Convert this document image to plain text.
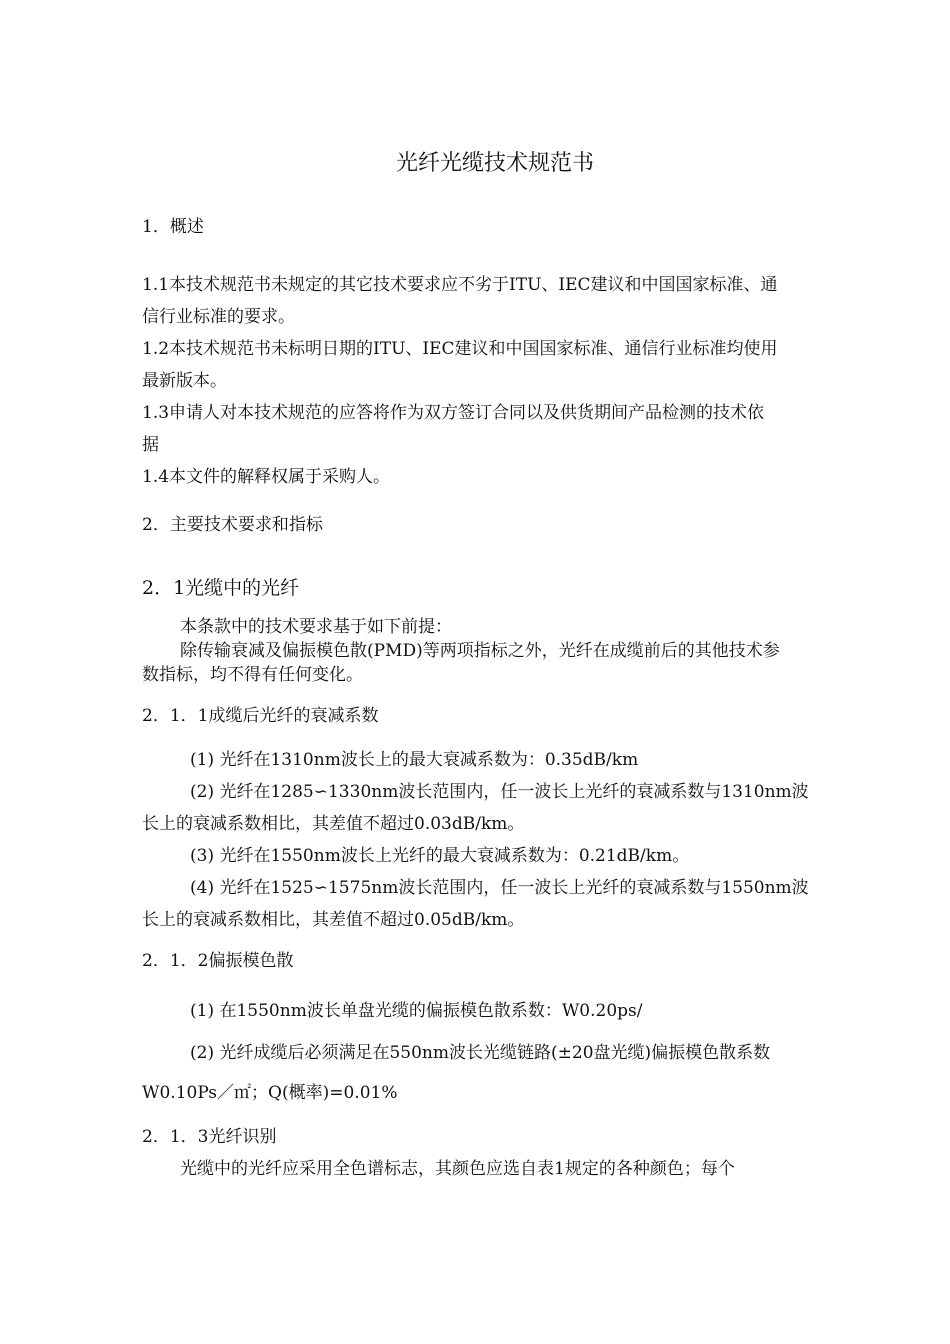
光纤光缆技术规范书
1．概述
1.1本技术规范书未规定的其它技术要求应不劣于ITU、IEC建议和中国国家标准、通
信行业标准的要求。
1.2本技术规范书未标明日期的ITU、IEC建议和中国国家标准、通信行业标准均使用
最新版本。
1.3申请人对本技术规范的应答将作为双方签订合同以及供货期间产品检测的技术依
据
1.4本文件的解释权属于采购人。
2．主要技术要求和指标
2．1光缆中的光纤
本条款中的技术要求基于如下前提：
除传输衰减及偏振模色散(PMD)等两项指标之外，光纤在成缆前后的其他技术参
数指标，均不得有任何变化。
2．1．1成缆后光纤的衰减系数
(1) 光纤在1310nm波长上的最大衰减系数为：0.35dB/km
(2) 光纤在1285∽1330nm波长范围内，任一波长上光纤的衰减系数与1310nm波
长上的衰减系数相比，其差值不超过0.03dB/km。
(3) 光纤在1550nm波长上光纤的最大衰减系数为：0.21dB/km。
(4) 光纤在1525∽1575nm波长范围内，任一波长上光纤的衰减系数与1550nm波
长上的衰减系数相比，其差值不超过0.05dB/km。
2．1．2偏振模色散
(1) 在1550nm波长单盘光缆的偏振模色散系数：W0.20ps/
(2) 光纤成缆后必须满足在550nm波长光缆链路(±20盘光缆)偏振模色散系数
W0.10Ps／㎡；Q(概率)=0.01%
2．1．3光纤识别
光缆中的光纤应采用全色谱标志，其颜色应选自表1规定的各种颜色；每个
